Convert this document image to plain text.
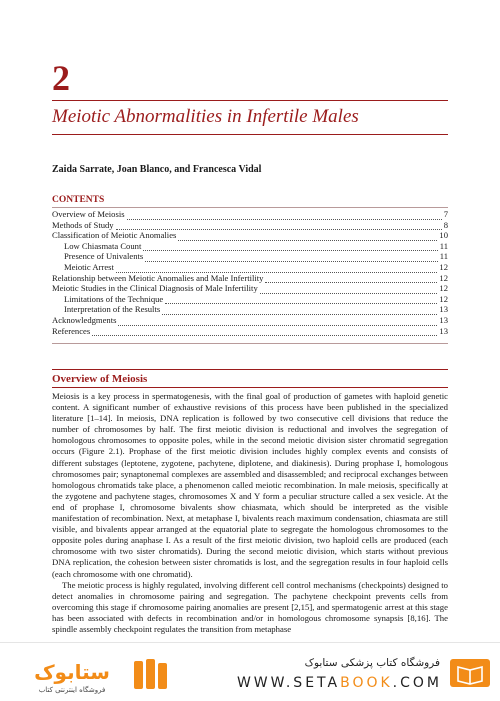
2
Meiotic Abnormalities in Infertile Males
Zaida Sarrate, Joan Blanco, and Francesca Vidal
CONTENTS
Overview of Meiosis	7
Methods of Study	8
Classification of Meiotic Anomalies	10
Low Chiasmata Count	11
Presence of Univalents	11
Meiotic Arrest	12
Relationship between Meiotic Anomalies and Male Infertility	12
Meiotic Studies in the Clinical Diagnosis of Male Infertility	12
Limitations of the Technique	12
Interpretation of the Results	13
Acknowledgments	13
References	13
Overview of Meiosis

Meiosis is a key process in spermatogenesis, with the final goal of production of gametes with haploid genetic content. A significant number of exhaustive revisions of this process have been published in the specialized literature [1–14]. In meiosis, DNA replication is followed by two consecutive cell divisions that reduce the number of chromosomes by half. The first meiotic division is reductional and involves the segregation of homologous chromosomes to opposite poles, while in the second meiotic division sister chromatid segregation occurs (Figure 2.1). Prophase of the first meiotic division includes highly complex events and consists of different substages (leptotene, zygotene, pachytene, diplotene, and diakinesis). During prophase I, homologous chromosomes pair; synaptonemal complexes are assembled and disassembled; and reciprocal exchanges between homologous chromatids take place, a phenomenon called meiotic recombination. In male meiosis, specifically at the zygotene and pachytene stages, chromosomes X and Y form a peculiar structure called a sex vesicle. At the end of prophase I, chromosome bivalents show chiasmata, which should be interpreted as the visible manifestation of recombination. Next, at metaphase I, bivalents reach maximum condensation, chiasmata are still visible, and bivalents appear arranged at the equatorial plate to segregate the homologous chromosomes to the opposite poles during anaphase I. As a result of the first meiotic division, two haploid cells are produced (each chromosome with two sister chromatids). During the second meiotic division, which starts without previous DNA replication, the cohesion between sister chromatids is lost, and the segregation results in four haploid cells (each chromosome with one chromatid).

The meiotic process is highly regulated, involving different cell control mechanisms (checkpoints) designed to detect anomalies in chromosome pairing and segregation. The pachytene checkpoint prevents cells from overcoming this stage if chromosome pairing anomalies are present [2,15], and spermatogenic arrest at this stage has been associated with defects in recombination and/or in homologous chromosome synapsis [8,16]. The spindle assembly checkpoint regulates the transition from metaphase

ستابوک
فروشگاه اینترنتی کتاب
فروشگاه کتاب پزشکی ستابوک
WWW.SETABOOK.COM
